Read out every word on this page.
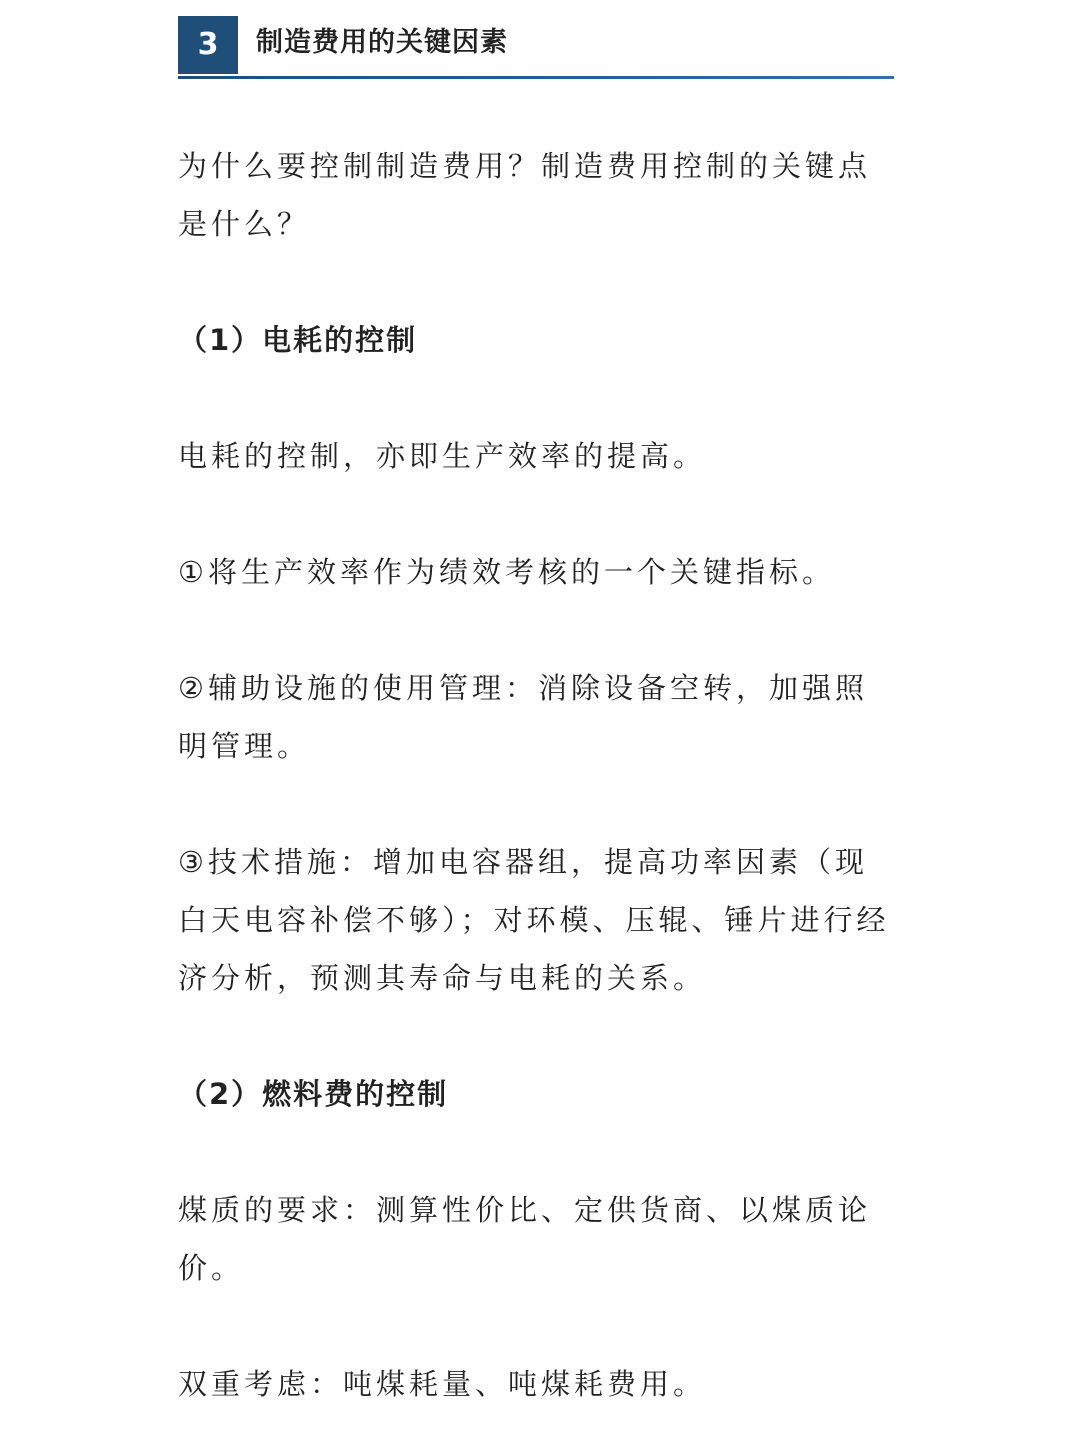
3	制造费用的关键因素

为什么要控制制造费用？制造费用控制的关键点是什么？

（1）电耗的控制

电耗的控制，亦即生产效率的提高。

①将生产效率作为绩效考核的一个关键指标。

②辅助设施的使用管理：消除设备空转，加强照明管理。

③技术措施：增加电容器组，提高功率因素（现白天电容补偿不够）；对环模、压辊、锤片进行经济分析，预测其寿命与电耗的关系。

（2）燃料费的控制

煤质的要求：测算性价比、定供货商、以煤质论价。

双重考虑：吨煤耗量、吨煤耗费用。
